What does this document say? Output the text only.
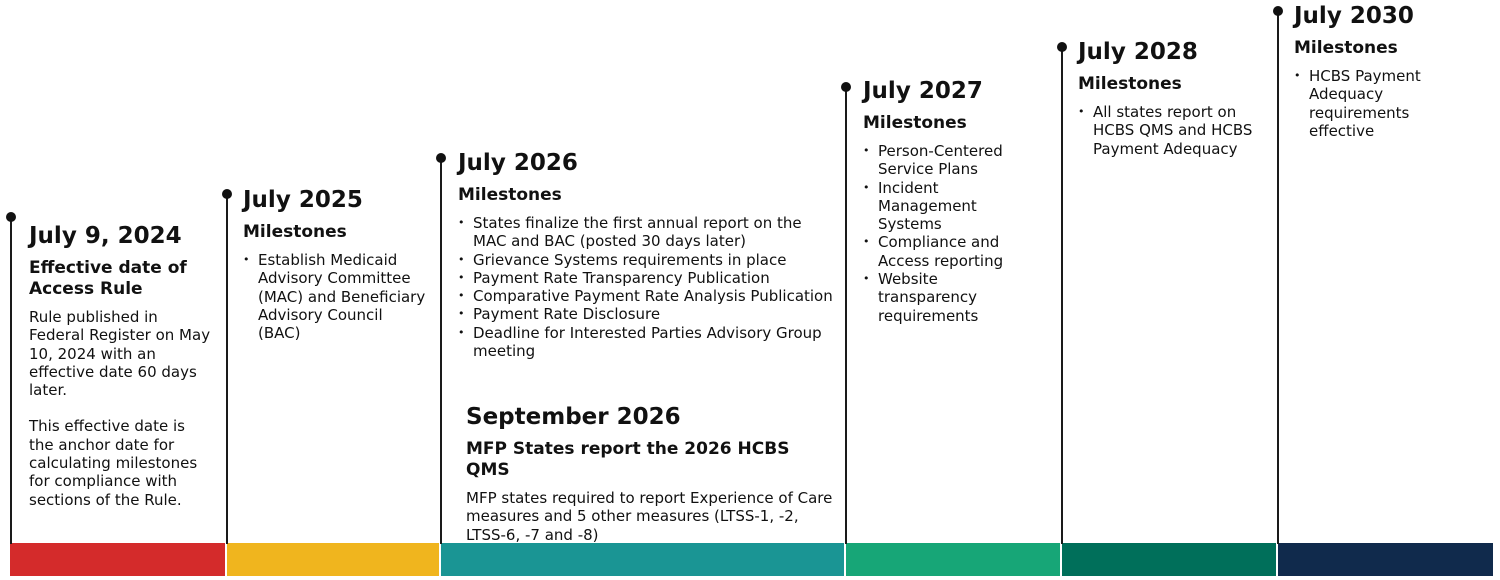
July 9, 2024
Effective date of Access Rule

Rule published in Federal Register on May 10, 2024 with an effective date 60 days later.

This effective date is the anchor date for calculating milestones for compliance with sections of the Rule.

July 2025
Milestones
• Establish Medicaid Advisory Committee (MAC) and Beneficiary Advisory Council (BAC)
July 2026
Milestones
• States finalize the first annual report on the MAC and BAC (posted 30 days later)
• Grievance Systems requirements in place
• Payment Rate Transparency Publication
• Comparative Payment Rate Analysis Publication
• Payment Rate Disclosure
• Deadline for Interested Parties Advisory Group meeting
September 2026
MFP States report the 2026 HCBS QMS
MFP states required to report Experience of Care measures and 5 other measures (LTSS-1, -2, LTSS-6, -7 and -8)
July 2027
Milestones
• Person-Centered Service Plans
• Incident Management Systems
• Compliance and Access reporting
• Website transparency requirements
July 2028
Milestones
• All states report on HCBS QMS and HCBS Payment Adequacy
July 2030
Milestones
• HCBS Payment Adequacy requirements effective
